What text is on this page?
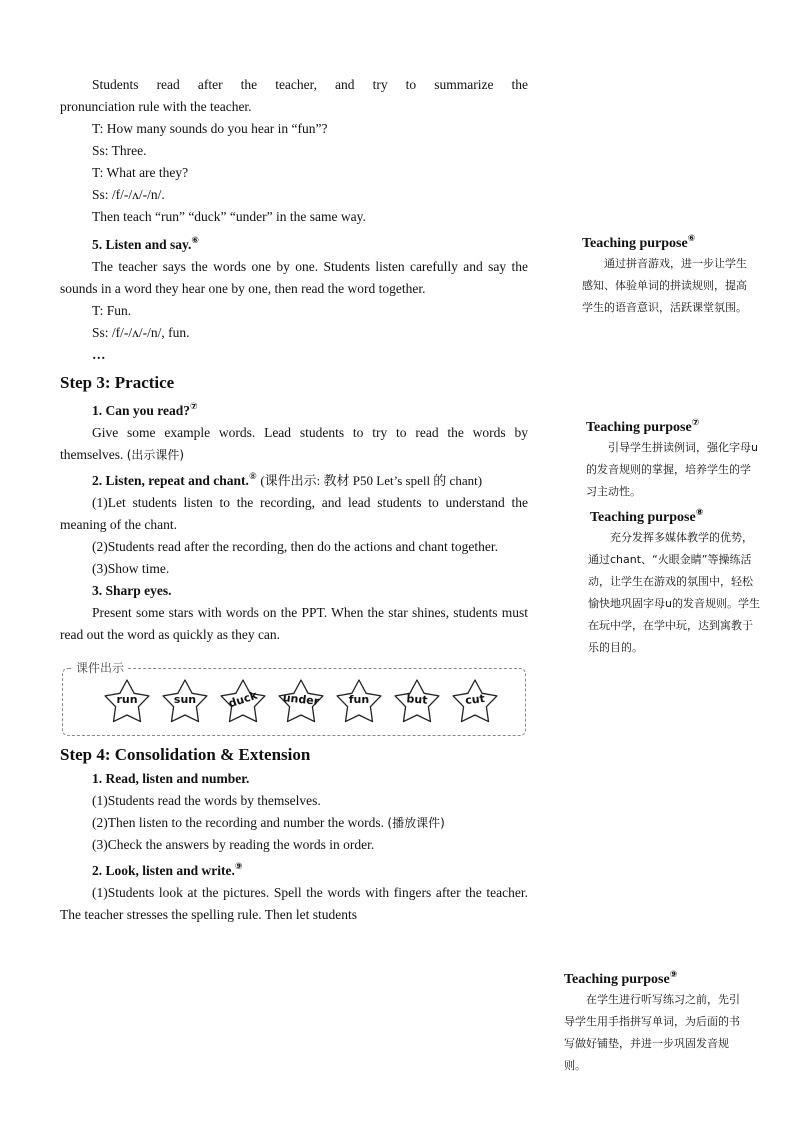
Students read after the teacher, and try to summarize the

pronunciation rule with the teacher.

T: How many sounds do you hear in “fun”?

Ss: Three.

T: What are they?

Ss: /f/-/ʌ/-/n/.

Then teach “run” “duck” “under” in the same way.

5. Listen and say.⑥

The teacher says the words one by one. Students listen carefully and say the sounds in a word they hear one by one, then read the word together.

T: Fun.

Ss: /f/-/ʌ/-/n/, fun.

…

Step 3: Practice

1. Can you read?⑦

Give some example words. Lead students to try to read the words by themselves. (出示课件)

2. Listen, repeat and chant.⑧ (课件出示: 教材 P50 Let’s spell 的 chant)

(1)Let students listen to the recording, and lead students to understand the meaning of the chant.

(2)Students read after the recording, then do the actions and chant together.

(3)Show time.

3. Sharp eyes.

Present some stars with words on the PPT. When the star shines, students must read out the word as quickly as they can.

课件出示
run	sun	duck	under	fun	but	cut
Step 4: Consolidation & Extension

1. Read, listen and number.

(1)Students read the words by themselves.

(2)Then listen to the recording and number the words. (播放课件)

(3)Check the answers by reading the words in order.

2. Look, listen and write.⑨

(1)Students look at the pictures. Spell the words with fingers after the teacher. The teacher stresses the spelling rule. Then let students

Teaching purpose⑥
通过拼音游戏，进一步让学生感知、体验单词的拼读规则，提高学生的语音意识，活跃课堂氛围。
Teaching purpose⑦
引导学生拼读例词，强化字母u的发音规则的掌握，培养学生的学习主动性。
Teaching purpose⑧
充分发挥多媒体教学的优势，通过chant、“火眼金睛”等操练活动，让学生在游戏的氛围中，轻松愉快地巩固字母u的发音规则。学生在玩中学，在学中玩，达到寓教于乐的目的。
Teaching purpose⑨
在学生进行听写练习之前，先引导学生用手指拼写单词，为后面的书写做好铺垫，并进一步巩固发音规则。
